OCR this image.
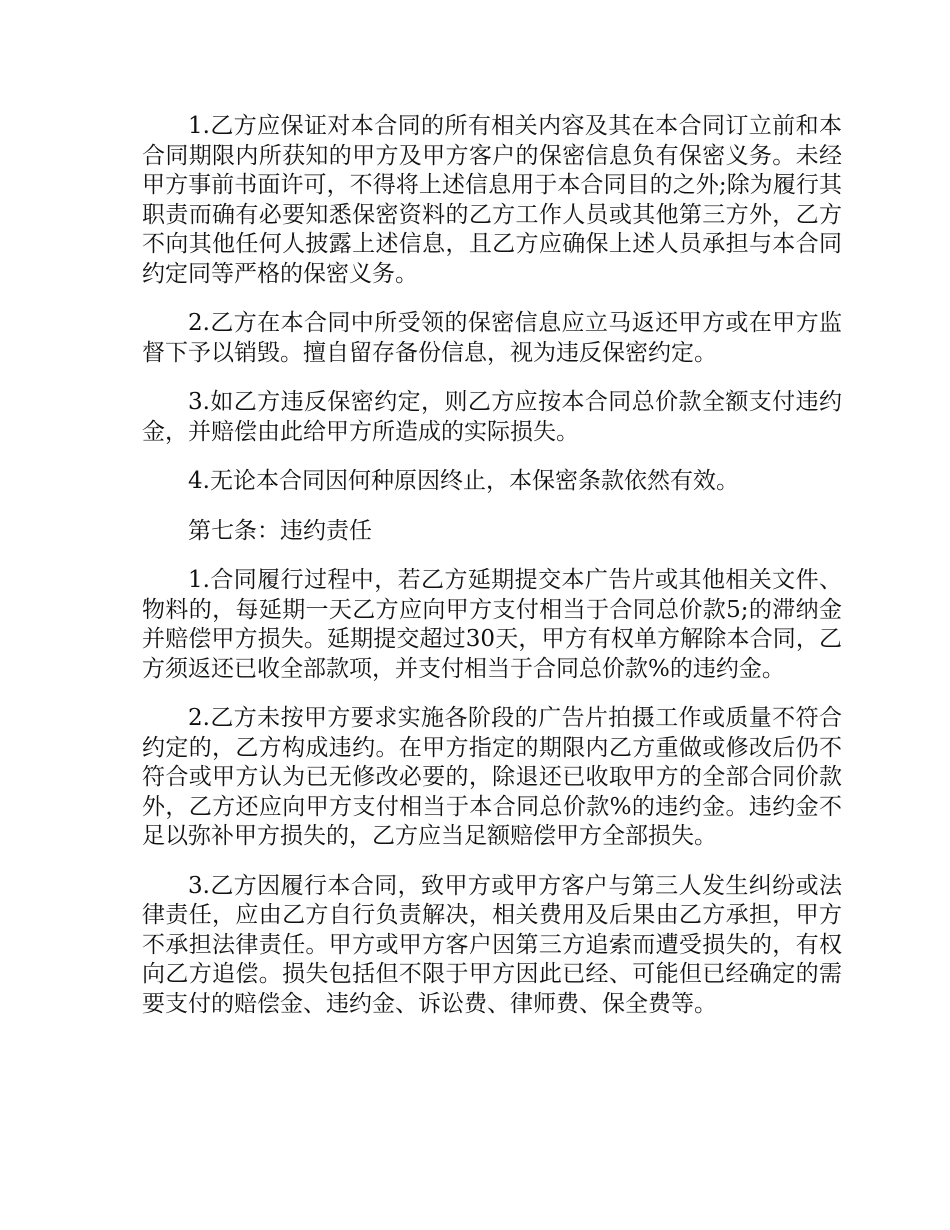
1.乙方应保证对本合同的所有相关内容及其在本合同订立前和本合同期限内所获知的甲方及甲方客户的保密信息负有保密义务。未经甲方事前书面许可，不得将上述信息用于本合同目的之外;除为履行其职责而确有必要知悉保密资料的乙方工作人员或其他第三方外，乙方不向其他任何人披露上述信息，且乙方应确保上述人员承担与本合同约定同等严格的保密义务。

2.乙方在本合同中所受领的保密信息应立马返还甲方或在甲方监督下予以销毁。擅自留存备份信息，视为违反保密约定。

3.如乙方违反保密约定，则乙方应按本合同总价款全额支付违约金，并赔偿由此给甲方所造成的实际损失。

4.无论本合同因何种原因终止，本保密条款依然有效。

第七条：违约责任

1.合同履行过程中，若乙方延期提交本广告片或其他相关文件、物料的，每延期一天乙方应向甲方支付相当于合同总价款5;的滞纳金并赔偿甲方损失。延期提交超过30天，甲方有权单方解除本合同，乙方须返还已收全部款项，并支付相当于合同总价款%的违约金。

2.乙方未按甲方要求实施各阶段的广告片拍摄工作或质量不符合约定的，乙方构成违约。在甲方指定的期限内乙方重做或修改后仍不符合或甲方认为已无修改必要的，除退还已收取甲方的全部合同价款外，乙方还应向甲方支付相当于本合同总价款%的违约金。违约金不足以弥补甲方损失的，乙方应当足额赔偿甲方全部损失。

3.乙方因履行本合同，致甲方或甲方客户与第三人发生纠纷或法律责任，应由乙方自行负责解决，相关费用及后果由乙方承担，甲方不承担法律责任。甲方或甲方客户因第三方追索而遭受损失的，有权向乙方追偿。损失包括但不限于甲方因此已经、可能但已经确定的需要支付的赔偿金、违约金、诉讼费、律师费、保全费等。
